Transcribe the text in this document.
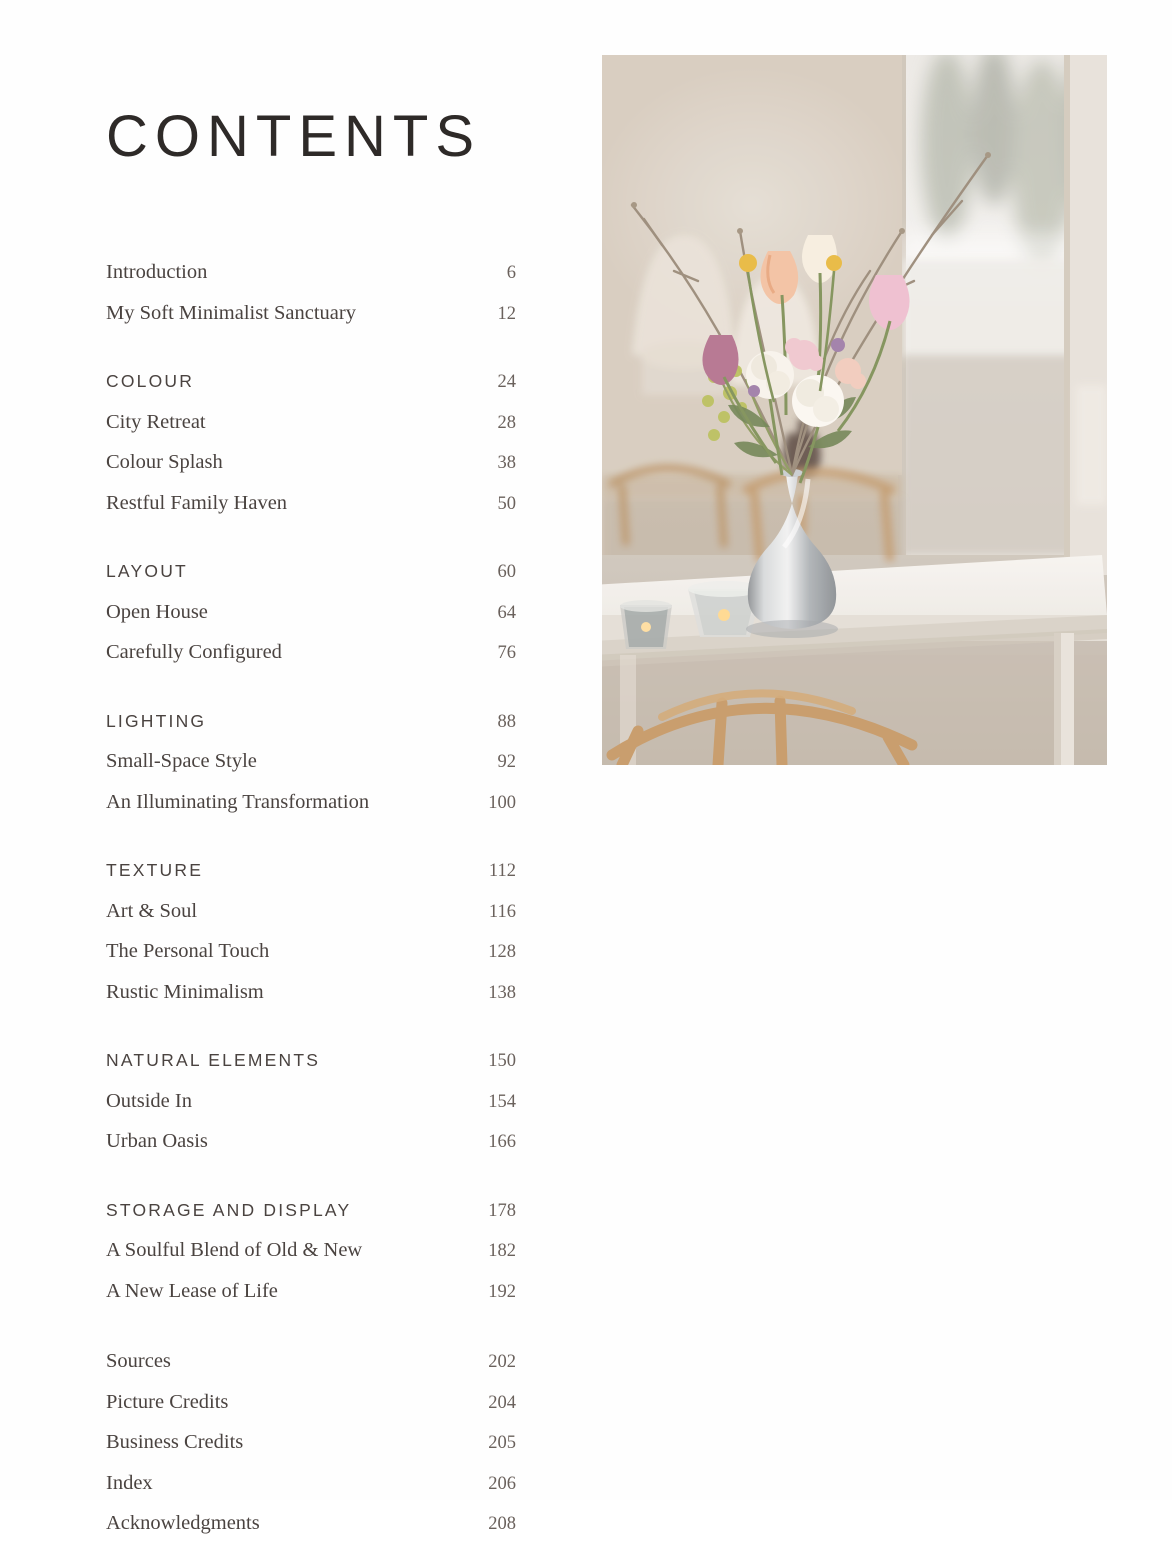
CONTENTS
Introduction	6
My Soft Minimalist Sanctuary	12
COLOUR	24
City Retreat	28
Colour Splash	38
Restful Family Haven	50
LAYOUT	60
Open House	64
Carefully Configured	76
LIGHTING	88
Small-Space Style	92
An Illuminating Transformation	100
TEXTURE	112
Art & Soul	116
The Personal Touch	128
Rustic Minimalism	138
NATURAL ELEMENTS	150
Outside In	154
Urban Oasis	166
STORAGE AND DISPLAY	178
A Soulful Blend of Old & New	182
A New Lease of Life	192
Sources	202
Picture Credits	204
Business Credits	205
Index	206
Acknowledgments	208
